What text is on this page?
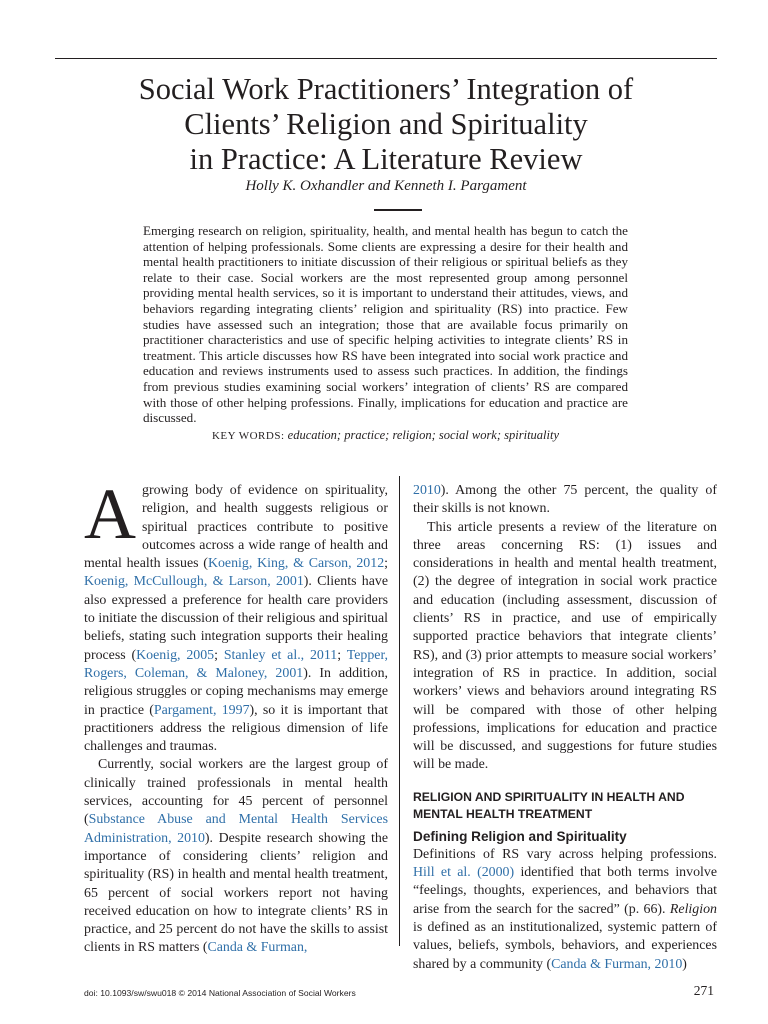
Social Work Practitioners’ Integration of
Clients’ Religion and Spirituality
in Practice: A Literature Review
Holly K. Oxhandler and Kenneth I. Pargament

Emerging research on religion, spirituality, health, and mental health has begun to catch the attention of helping professionals. Some clients are expressing a desire for their health and mental health practitioners to initiate discussion of their religious or spiritual beliefs as they relate to their case. Social workers are the most represented group among personnel providing mental health services, so it is important to understand their attitudes, views, and behaviors regarding integrating clients’ religion and spirituality (RS) into practice. Few studies have assessed such an integration; those that are available focus primarily on practitioner characteristics and use of specific helping activities to integrate clients’ RS in treatment. This article discusses how RS have been integrated into social work practice and education and reviews instruments used to assess such practices. In addition, the findings from previous studies examining social workers’ integration of clients’ RS are compared with those of other helping professions. Finally, implications for education and practice are discussed.

KEY WORDS: education; practice; religion; social work; spirituality

Agrowing body of evidence on spirituality, religion, and health suggests religious or spiritual practices contribute to positive outcomes across a wide range of health and mental health issues (Koenig, King, & Carson, 2012; Koenig, McCullough, & Larson, 2001). Clients have also expressed a preference for health care providers to initiate the discussion of their religious and spiritual beliefs, stating such integration supports their healing process (Koenig, 2005; Stanley et al., 2011; Tepper, Rogers, Coleman, & Maloney, 2001). In addition, religious struggles or coping mechanisms may emerge in practice (Pargament, 1997), so it is important that practitioners address the religious dimension of life challenges and traumas.

Currently, social workers are the largest group of clinically trained professionals in mental health services, accounting for 45 percent of personnel (Substance Abuse and Mental Health Services Administration, 2010). Despite research showing the importance of considering clients’ religion and spirituality (RS) in health and mental health treatment, 65 percent of social workers report not having received education on how to integrate clients’ RS in practice, and 25 percent do not have the skills to assist clients in RS matters (Canda & Furman,

2010). Among the other 75 percent, the quality of their skills is not known.

This article presents a review of the literature on three areas concerning RS: (1) issues and considerations in health and mental health treatment, (2) the degree of integration in social work practice and education (including assessment, discussion of clients’ RS in practice, and use of empirically supported practice behaviors that integrate clients’ RS), and (3) prior attempts to measure social workers’ integration of RS in practice. In addition, social workers’ views and behaviors around integrating RS will be compared with those of other helping professions, implications for education and practice will be discussed, and suggestions for future studies will be made.

RELIGION AND SPIRITUALITY IN HEALTH AND MENTAL HEALTH TREATMENT

Defining Religion and Spirituality

Definitions of RS vary across helping professions. Hill et al. (2000) identified that both terms involve “feelings, thoughts, experiences, and behaviors that arise from the search for the sacred” (p. 66). Religion is defined as an institutionalized, systemic pattern of values, beliefs, symbols, behaviors, and experiences shared by a community (Canda & Furman, 2010)

doi: 10.1093/sw/swu018 © 2014 National Association of Social Workers	271
